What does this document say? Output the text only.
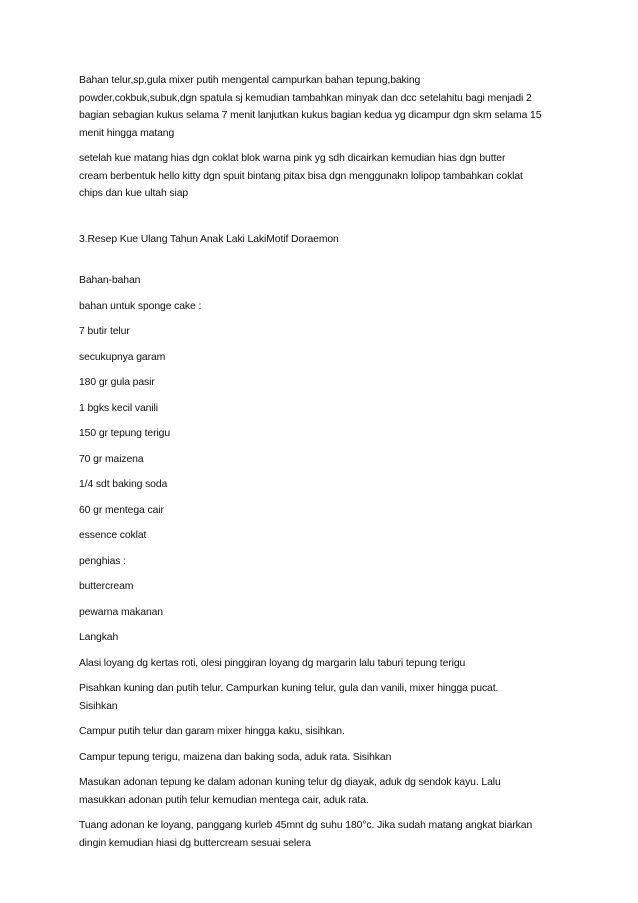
Bahan telur,sp,gula mixer putih mengental campurkan bahan tepung,baking
powder,cokbuk,subuk,dgn spatula sj kemudian tambahkan minyak dan dcc setelahitu bagi menjadi 2
bagian sebagian kukus selama 7 menit lanjutkan kukus bagian kedua yg dicampur dgn skm selama 15
menit hingga matang

setelah kue matang hias dgn coklat blok warna pink yg sdh dicairkan kemudian hias dgn butter
cream berbentuk hello kitty dgn spuit bintang pitax bisa dgn menggunakn lolipop tambahkan coklat
chips dan kue ultah siap

3.Resep Kue Ulang Tahun Anak Laki LakiMotif Doraemon

Bahan-bahan

bahan untuk sponge cake :

7 butir telur

secukupnya garam

180 gr gula pasir

1 bgks kecil vanili

150 gr tepung terigu

70 gr maizena

1/4 sdt baking soda

60 gr mentega cair

essence coklat

penghias :

buttercream

pewarna makanan

Langkah

Alasi loyang dg kertas roti, olesi pinggiran loyang dg margarin lalu taburi tepung terigu

Pisahkan kuning dan putih telur. Campurkan kuning telur, gula dan vanili, mixer hingga pucat.
Sisihkan

Campur putih telur dan garam mixer hingga kaku, sisihkan.

Campur tepung terigu, maizena dan baking soda, aduk rata. Sisihkan

Masukan adonan tepung ke dalam adonan kuning telur dg diayak, aduk dg sendok kayu. Lalu
masukkan adonan putih telur kemudian mentega cair, aduk rata.

Tuang adonan ke loyang, panggang kurleb 45mnt dg suhu 180°c. Jika sudah matang angkat biarkan
dingin kemudian hiasi dg buttercream sesuai selera
